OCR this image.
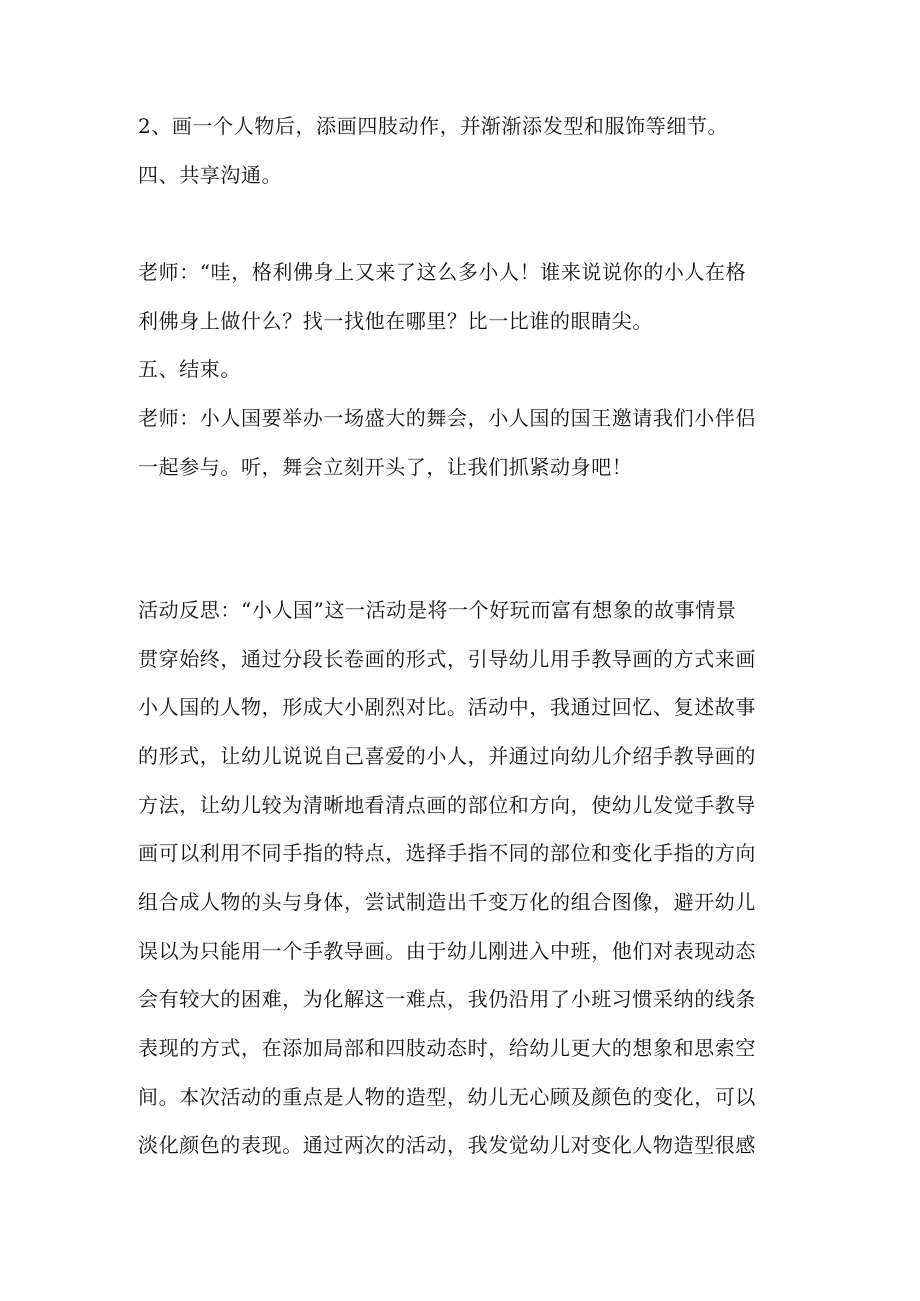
2、画一个人物后，添画四肢动作，并渐渐添发型和服饰等细节。
四、共享沟通。
老师：“哇，格利佛身上又来了这么多小人！谁来说说你的小人在格
利佛身上做什么？找一找他在哪里？比一比谁的眼睛尖。
五、结束。
老师：小人国要举办一场盛大的舞会，小人国的国王邀请我们小伴侣
一起参与。听，舞会立刻开头了，让我们抓紧动身吧！
活动反思：“小人国”这一活动是将一个好玩而富有想象的故事情景
贯穿始终，通过分段长卷画的形式，引导幼儿用手教导画的方式来画
小人国的人物，形成大小剧烈对比。活动中，我通过回忆、复述故事
的形式，让幼儿说说自己喜爱的小人，并通过向幼儿介绍手教导画的
方法，让幼儿较为清晰地看清点画的部位和方向，使幼儿发觉手教导
画可以利用不同手指的特点，选择手指不同的部位和变化手指的方向
组合成人物的头与身体，尝试制造出千变万化的组合图像，避开幼儿
误以为只能用一个手教导画。由于幼儿刚进入中班，他们对表现动态
会有较大的困难，为化解这一难点，我仍沿用了小班习惯采纳的线条
表现的方式，在添加局部和四肢动态时，给幼儿更大的想象和思索空
间。本次活动的重点是人物的造型，幼儿无心顾及颜色的变化，可以
淡化颜色的表现。通过两次的活动，我发觉幼儿对变化人物造型很感
